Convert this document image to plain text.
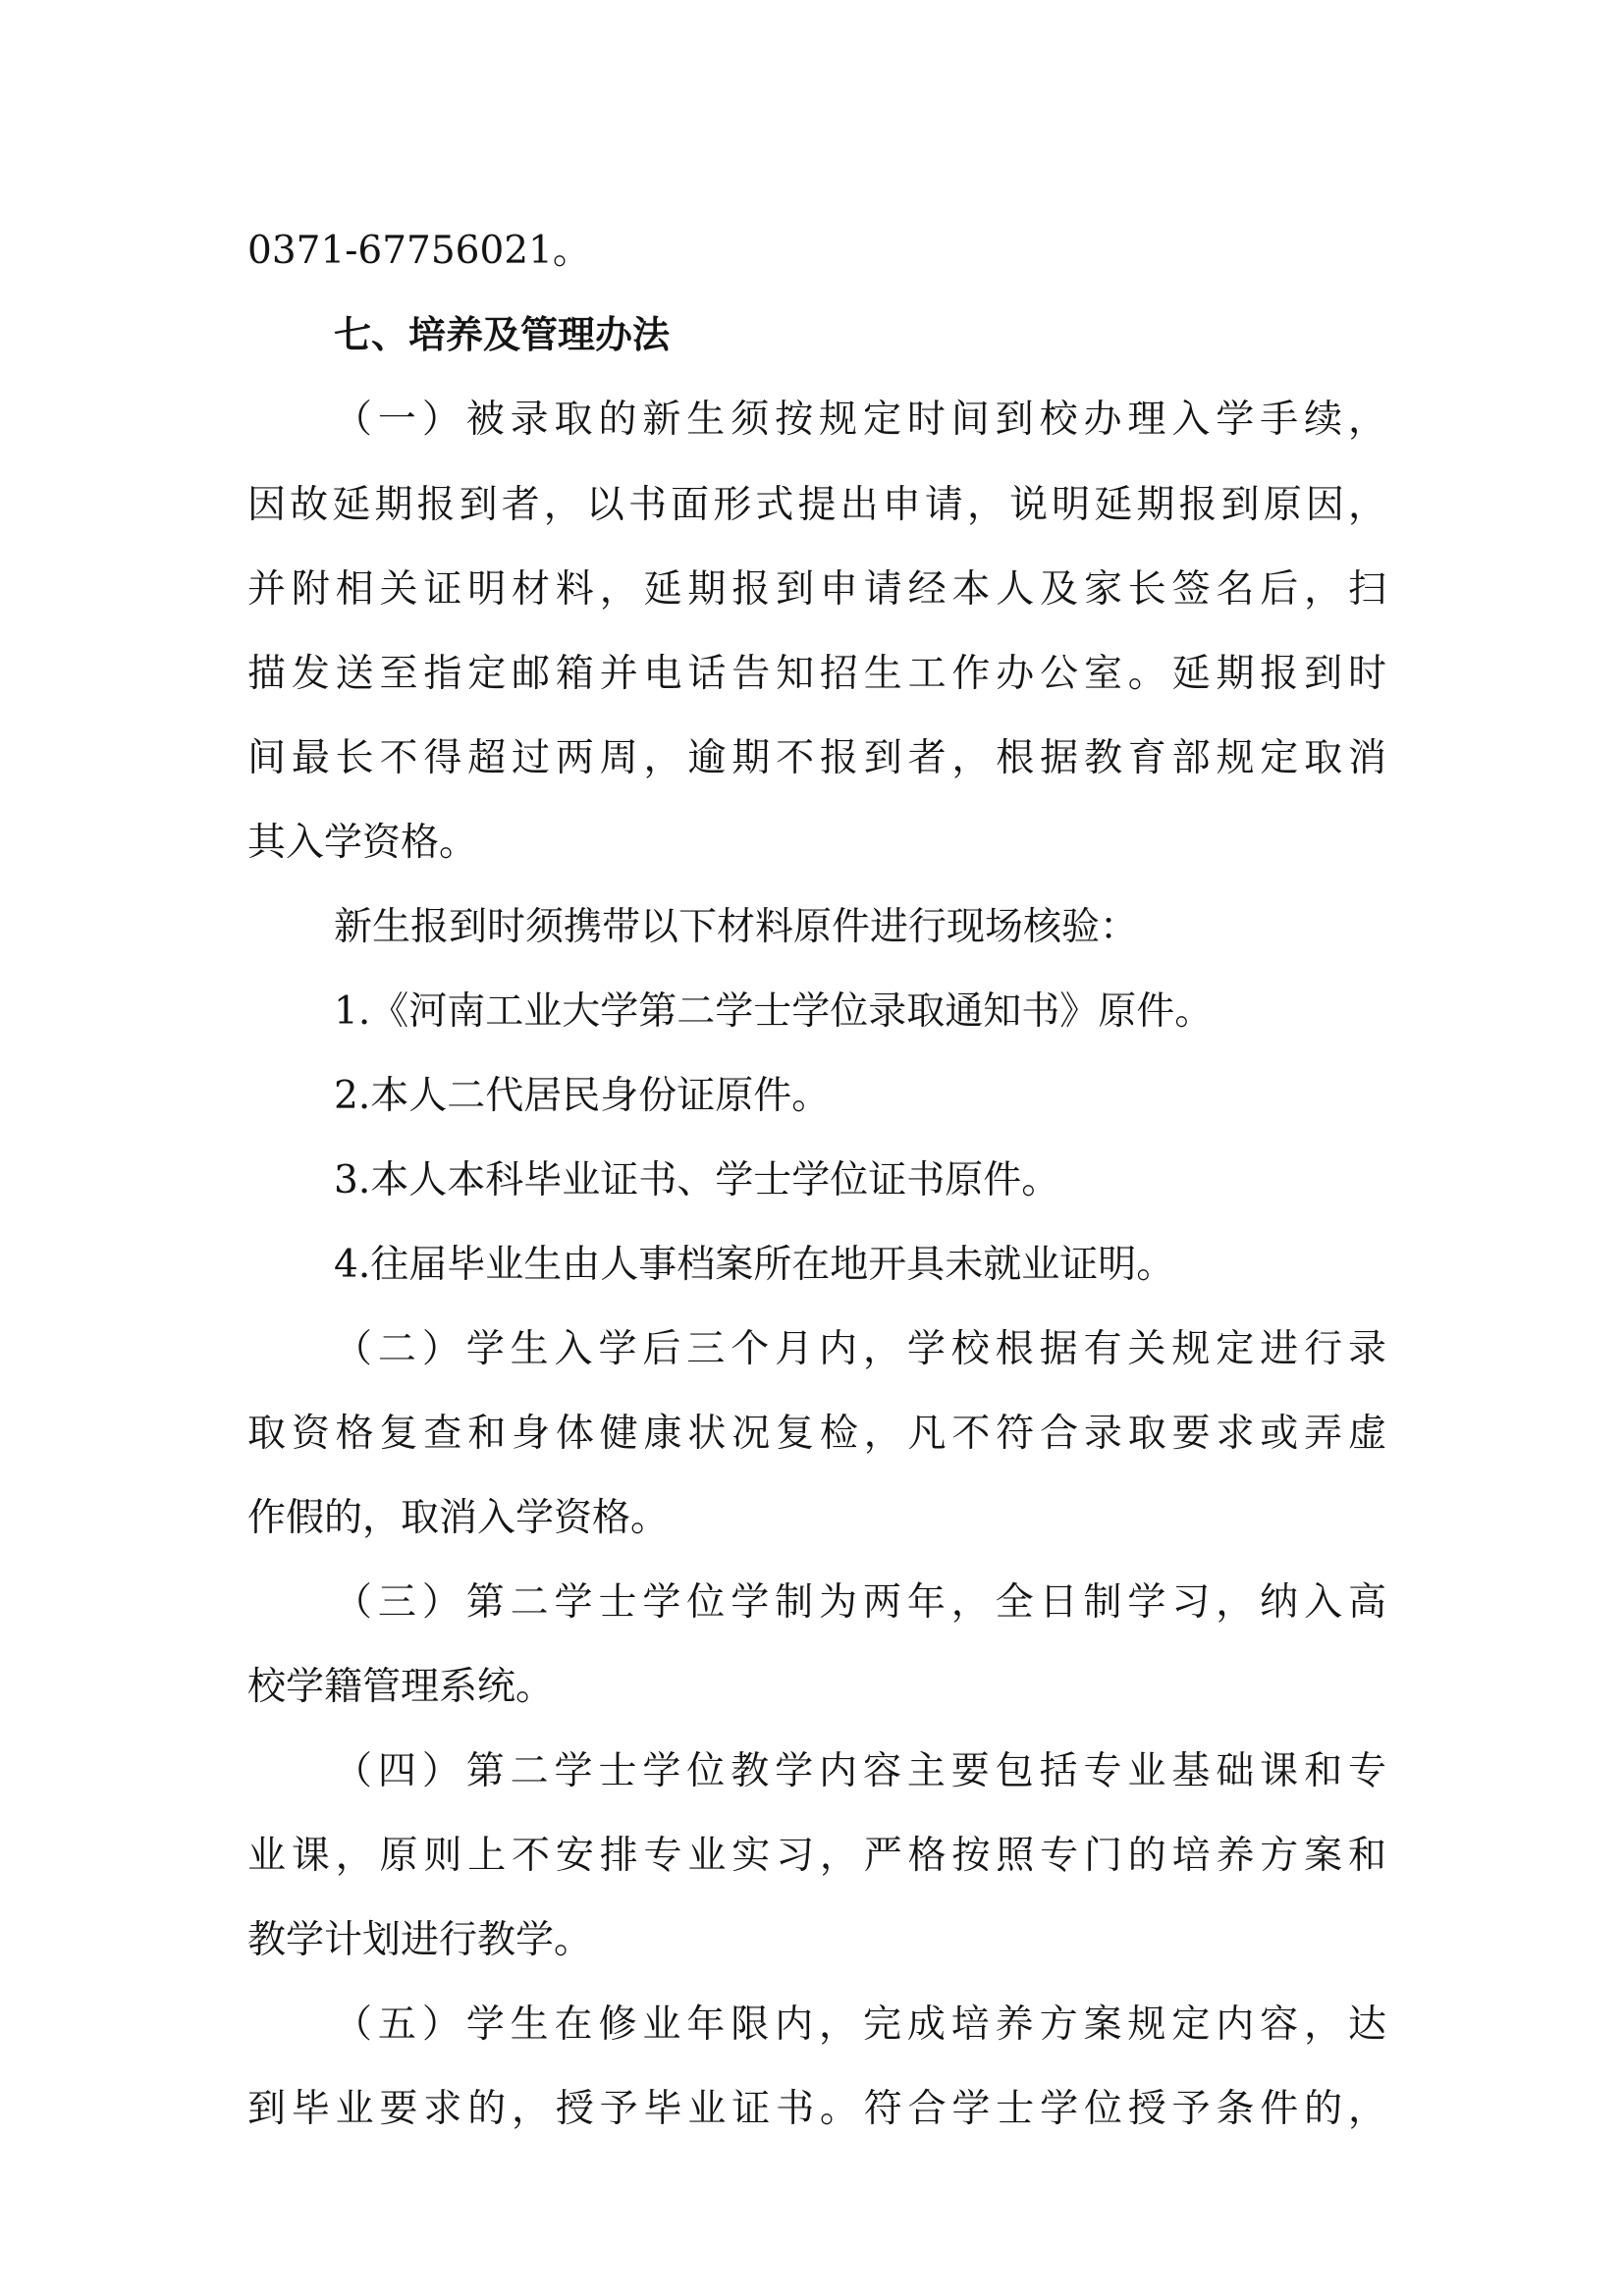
0371-67756021。
七、培养及管理办法
（一）被录取的新生须按规定时间到校办理入学手续，
因故延期报到者，以书面形式提出申请，说明延期报到原因，
并附相关证明材料，延期报到申请经本人及家长签名后，扫
描发送至指定邮箱并电话告知招生工作办公室。延期报到时
间最长不得超过两周，逾期不报到者，根据教育部规定取消
其入学资格。
新生报到时须携带以下材料原件进行现场核验：
1.《河南工业大学第二学士学位录取通知书》原件。
2.本人二代居民身份证原件。
3.本人本科毕业证书、学士学位证书原件。
4.往届毕业生由人事档案所在地开具未就业证明。
（二）学生入学后三个月内，学校根据有关规定进行录
取资格复查和身体健康状况复检，凡不符合录取要求或弄虚
作假的，取消入学资格。
（三）第二学士学位学制为两年，全日制学习，纳入高
校学籍管理系统。
（四）第二学士学位教学内容主要包括专业基础课和专
业课，原则上不安排专业实习，严格按照专门的培养方案和
教学计划进行教学。
（五）学生在修业年限内，完成培养方案规定内容，达
到毕业要求的，授予毕业证书。符合学士学位授予条件的，
